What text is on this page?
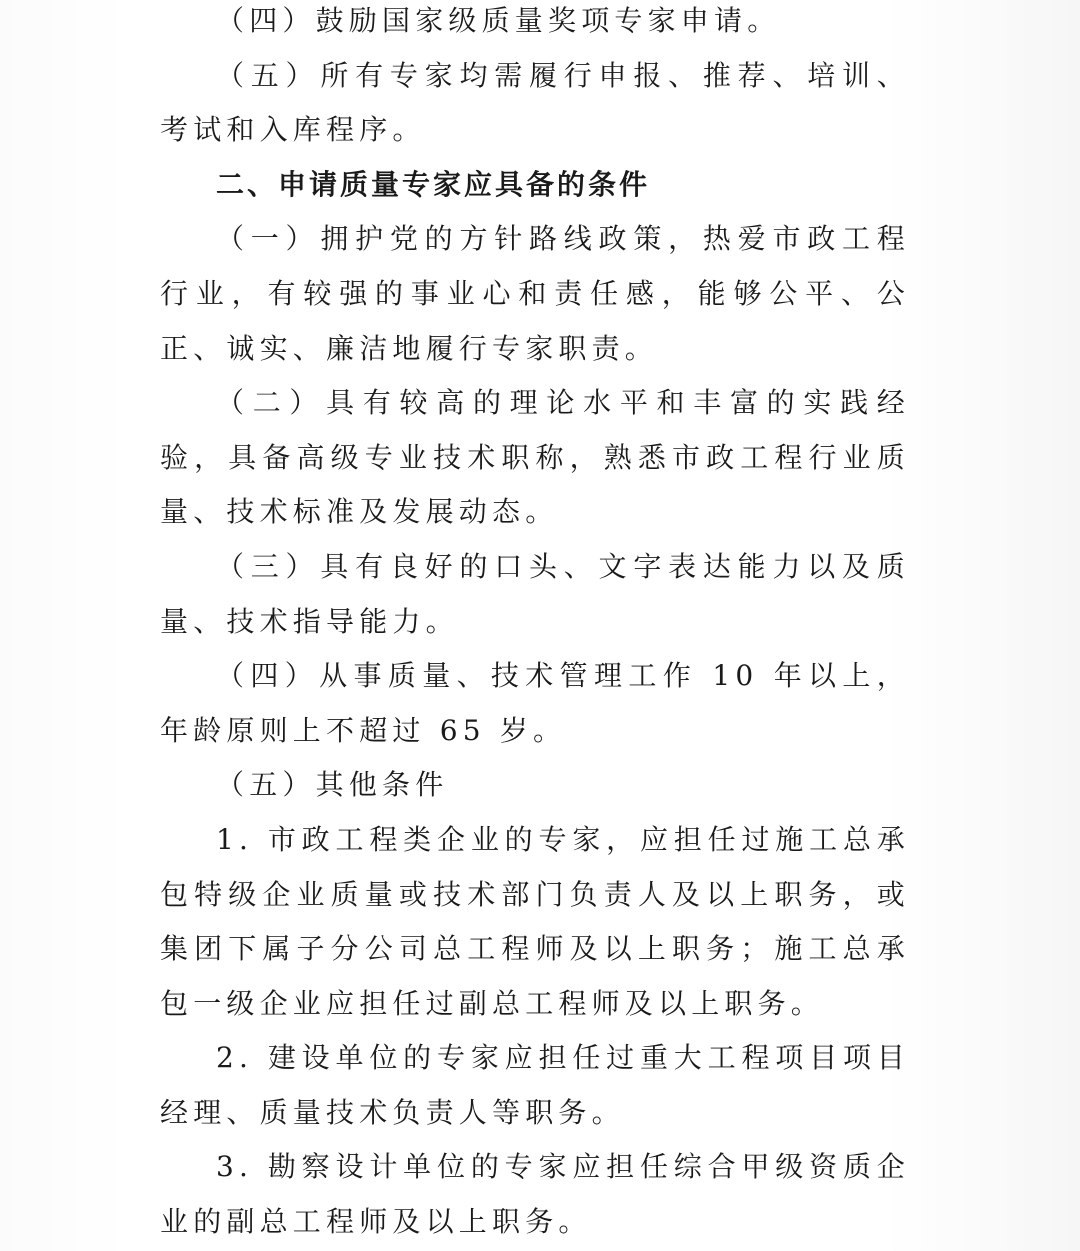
（四）鼓励国家级质量奖项专家申请。

（五）所有专家均需履行申报、推荐、培训、考试和入库程序。

二、申请质量专家应具备的条件

（一）拥护党的方针路线政策，热爱市政工程行业，有较强的事业心和责任感，能够公平、公正、诚实、廉洁地履行专家职责。

（二）具有较高的理论水平和丰富的实践经验，具备高级专业技术职称，熟悉市政工程行业质量、技术标准及发展动态。

（三）具有良好的口头、文字表达能力以及质量、技术指导能力。

（四）从事质量、技术管理工作 10 年以上，年龄原则上不超过 65 岁。

（五）其他条件

1. 市政工程类企业的专家，应担任过施工总承包特级企业质量或技术部门负责人及以上职务，或集团下属子分公司总工程师及以上职务；施工总承包一级企业应担任过副总工程师及以上职务。

2. 建设单位的专家应担任过重大工程项目项目经理、质量技术负责人等职务。

3. 勘察设计单位的专家应担任综合甲级资质企业的副总工程师及以上职务。
